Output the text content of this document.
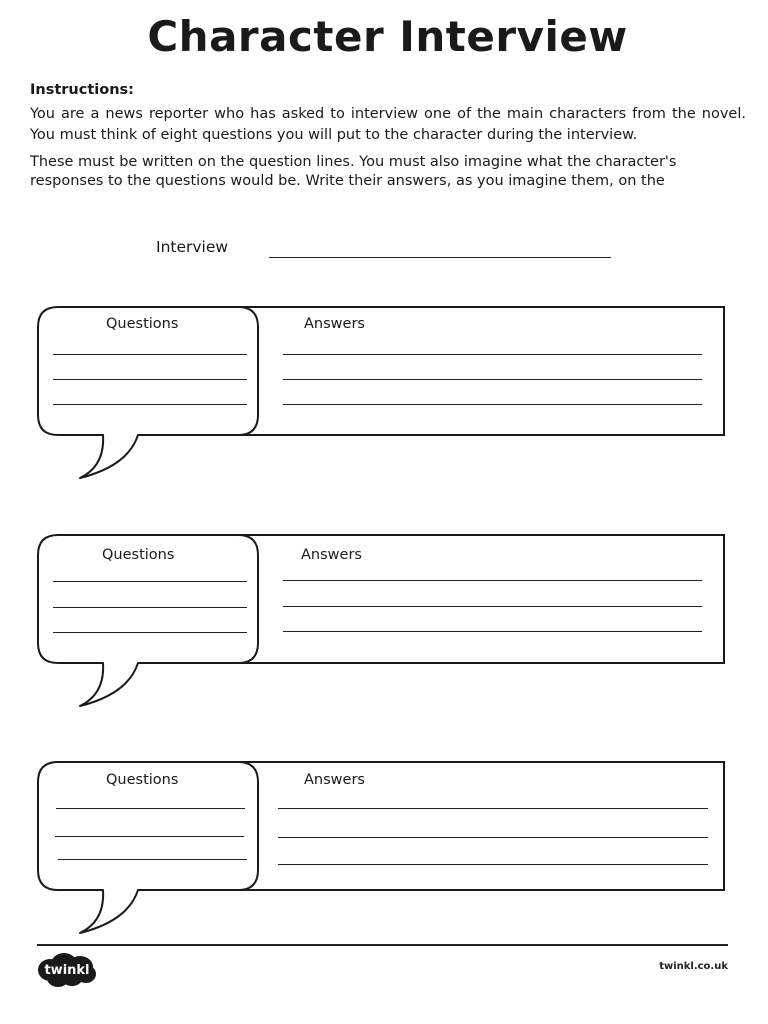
Character Interview
Instructions:
You are a news reporter who has asked to interview one of the main characters from the novel. You must think of eight questions you will put to the character during the interview.

These must be written on the question lines. You must also imagine what the character's
responses to the questions would be. Write their answers, as you imagine them, on the

Interview
Questions	Answers
Questions	Answers
Questions	Answers
twinkl	twinkl.co.uk
